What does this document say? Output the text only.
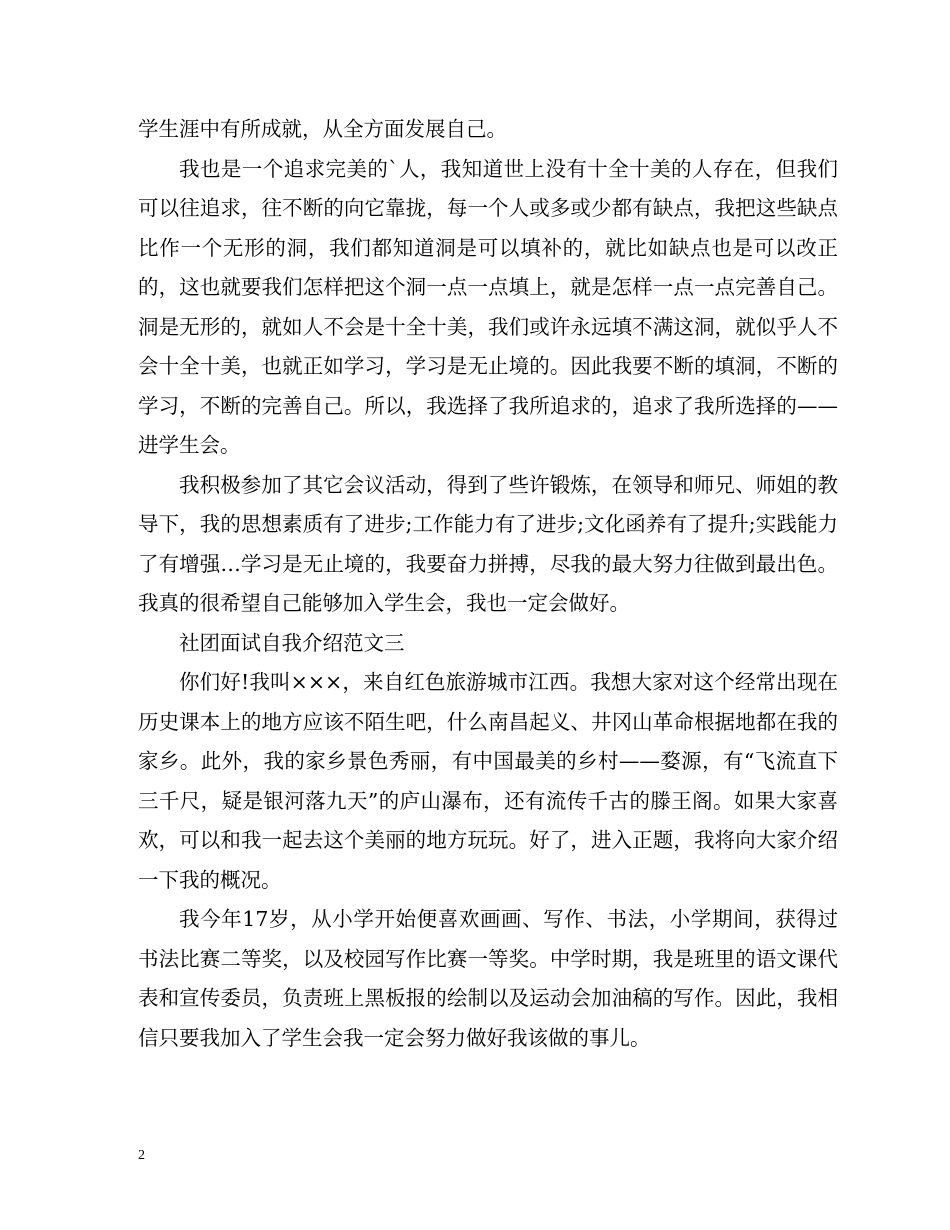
学生涯中有所成就，从全方面发展自己。

我也是一个追求完美的`人，我知道世上没有十全十美的人存在，但我们可以往追求，往不断的向它靠拢，每一个人或多或少都有缺点，我把这些缺点比作一个无形的洞，我们都知道洞是可以填补的，就比如缺点也是可以改正的，这也就要我们怎样把这个洞一点一点填上，就是怎样一点一点完善自己。洞是无形的，就如人不会是十全十美，我们或许永远填不满这洞，就似乎人不会十全十美，也就正如学习，学习是无止境的。因此我要不断的填洞，不断的学习，不断的完善自己。所以，我选择了我所追求的，追求了我所选择的——进学生会。

我积极参加了其它会议活动，得到了些许锻炼，在领导和师兄、师姐的教导下，我的思想素质有了进步;工作能力有了进步;文化函养有了提升;实践能力了有增强…学习是无止境的，我要奋力拼搏，尽我的最大努力往做到最出色。我真的很希望自己能够加入学生会，我也一定会做好。

社团面试自我介绍范文三

你们好!我叫×××，来自红色旅游城市江西。我想大家对这个经常出现在历史课本上的地方应该不陌生吧，什么南昌起义、井冈山革命根据地都在我的家乡。此外，我的家乡景色秀丽，有中国最美的乡村——婺源，有“飞流直下三千尺，疑是银河落九天”的庐山瀑布，还有流传千古的滕王阁。如果大家喜欢，可以和我一起去这个美丽的地方玩玩。好了，进入正题，我将向大家介绍一下我的概况。

我今年17岁，从小学开始便喜欢画画、写作、书法，小学期间，获得过书法比赛二等奖，以及校园写作比赛一等奖。中学时期，我是班里的语文课代表和宣传委员，负责班上黑板报的绘制以及运动会加油稿的写作。因此，我相信只要我加入了学生会我一定会努力做好我该做的事儿。

2
